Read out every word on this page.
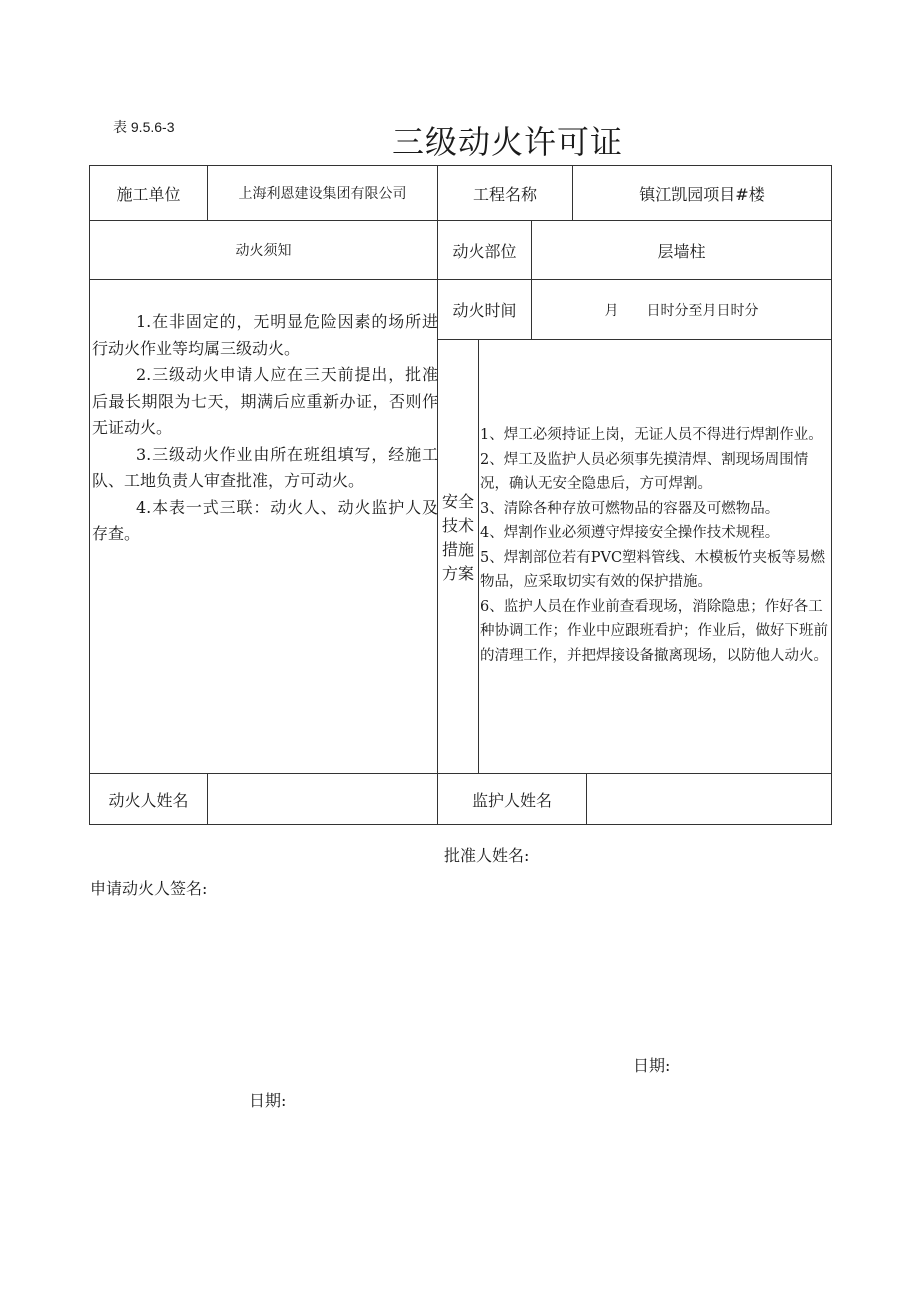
表 9.5.6-3	三级动火许可证
施工单位	上海利恩建设集团有限公司	工程名称	镇江凯园项目#楼
动火须知	动火部位	层墙柱
动火时间	月　　日时分至月日时分

1.在非固定的，无明显危险因素的场所进行动火作业等均属三级动火。

2.三级动火申请人应在三天前提出，批准后最长期限为七天，期满后应重新办证，否则作无证动火。

3.三级动火作业由所在班组填写，经施工队、工地负责人审查批准，方可动火。

4.本表一式三联：动火人、动火监护人及存查。

安全技术措施方案

1、焊工必须持证上岗，无证人员不得进行焊割作业。

2、焊工及监护人员必须事先摸清焊、割现场周围情况，确认无安全隐患后，方可焊割。

3、清除各种存放可燃物品的容器及可燃物品。

4、焊割作业必须遵守焊接安全操作技术规程。

5、焊割部位若有PVC塑料管线、木模板竹夹板等易燃物品，应采取切实有效的保护措施。

6、监护人员在作业前查看现场，消除隐患；作好各工种协调工作；作业中应跟班看护；作业后，做好下班前的清理工作，并把焊接设备撤离现场，以防他人动火。

动火人姓名	监护人姓名
批准人姓名:
申请动火人签名:
日期:
日期:
